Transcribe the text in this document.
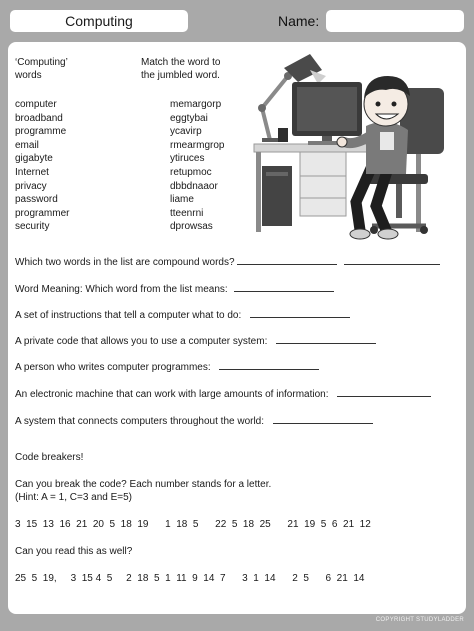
Computing	Name:
‘Computing’
words
Match the word to
the jumbled word.
computer
broadband
programme
email
gigabyte
Internet
privacy
password
programmer
security
memargorp
eggtybai
ycavirp
rmearmgrop
ytiruces
retupmoc
dbbdnaaor
liame
tteenrni
dprowsas
Which two words in the list are compound words?
Word Meaning: Which word from the list means:
A set of instructions that tell a computer what to do:
A private code that allows you to use a computer system:
A person who writes computer programmes:
An electronic machine that can work with large amounts of information:
A system that connects computers throughout the world:
Code breakers!
Can you break the code? Each number stands for a letter.
(Hint: A = 1, C=3 and E=5)
3  15  13  16  21  20  5  18  19      1  18  5      22  5  18  25      21  19  5  6  21  12
Can you read this as well?
25  5  19,     3  15 4  5     2  18  5  1  11  9  14  7      3  1  14      2  5      6  21  14
COPYRIGHT STUDYLADDER
